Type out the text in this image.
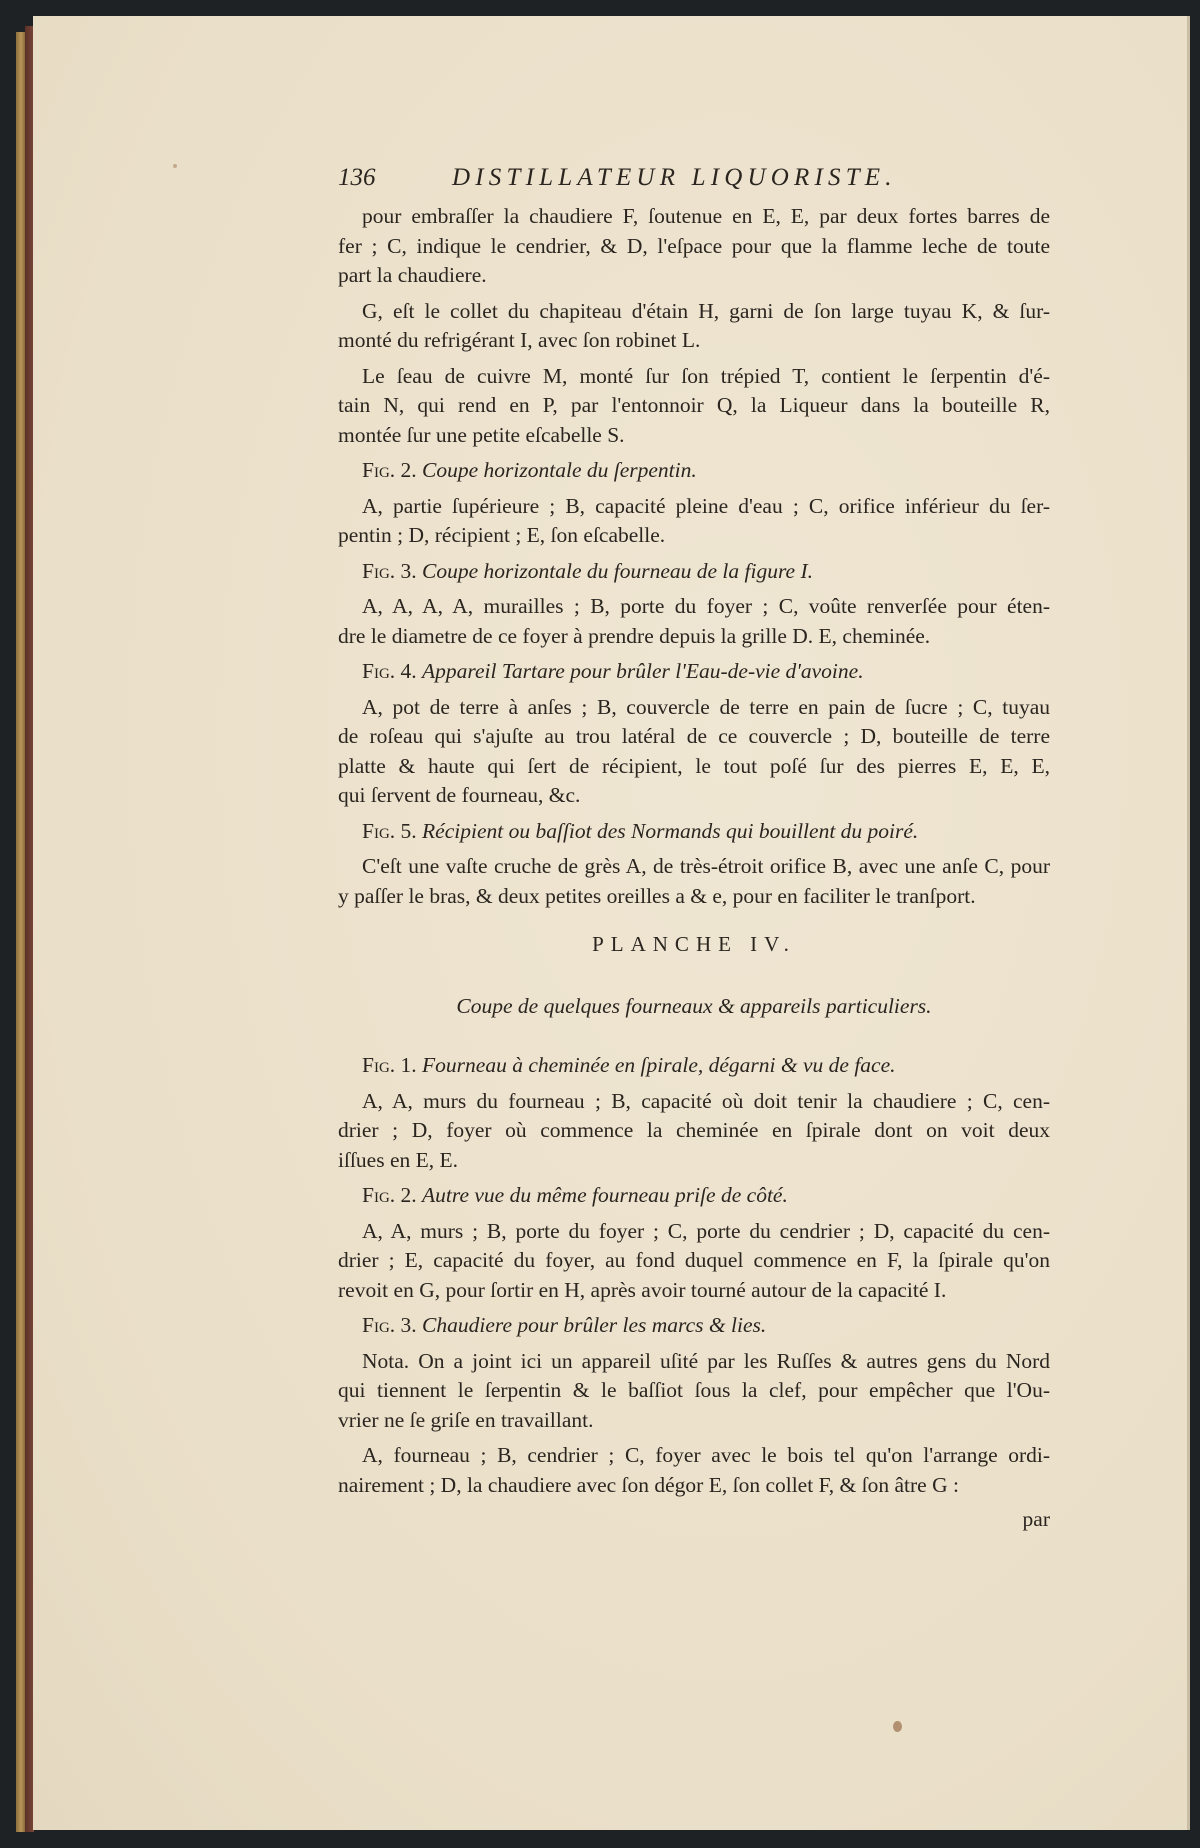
136	DISTILLATEUR LIQUORISTE.
pour embraſſer la chaudiere F, ſoutenue en E, E, par deux fortes barres de
fer ; C, indique le cendrier, & D, l'eſpace pour que la flamme leche de toute
part la chaudiere.
G, eſt le collet du chapiteau d'étain H, garni de ſon large tuyau K, & ſur-
monté du refrigérant I, avec ſon robinet L.
Le ſeau de cuivre M, monté ſur ſon trépied T, contient le ſerpentin d'é-
tain N, qui rend en P, par l'entonnoir Q, la Liqueur dans la bouteille R,
montée ſur une petite eſcabelle S.
Fig. 2. Coupe horizontale du ſerpentin.
A, partie ſupérieure ; B, capacité pleine d'eau ; C, orifice inférieur du ſer-
pentin ; D, récipient ; E, ſon eſcabelle.
Fig. 3. Coupe horizontale du fourneau de la figure I.
A, A, A, A, murailles ; B, porte du foyer ; C, voûte renverſée pour éten-
dre le diametre de ce foyer à prendre depuis la grille D. E, cheminée.
Fig. 4. Appareil Tartare pour brûler l'Eau-de-vie d'avoine.
A, pot de terre à anſes ; B, couvercle de terre en pain de ſucre ; C, tuyau
de roſeau qui s'ajuſte au trou latéral de ce couvercle ; D, bouteille de terre
platte & haute qui ſert de récipient, le tout poſé ſur des pierres E, E, E,
qui ſervent de fourneau, &c.
Fig. 5. Récipient ou baſſiot des Normands qui bouillent du poiré.
C'eſt une vaſte cruche de grès A, de très-étroit orifice B, avec une anſe C, pour
y paſſer le bras, & deux petites oreilles a & e, pour en faciliter le tranſport.
PLANCHE IV.
Coupe de quelques fourneaux & appareils particuliers.
Fig. 1. Fourneau à cheminée en ſpirale, dégarni & vu de face.
A, A, murs du fourneau ; B, capacité où doit tenir la chaudiere ; C, cen-
drier ; D, foyer où commence la cheminée en ſpirale dont on voit deux
iſſues en E, E.
Fig. 2. Autre vue du même fourneau priſe de côté.
A, A, murs ; B, porte du foyer ; C, porte du cendrier ; D, capacité du cen-
drier ; E, capacité du foyer, au fond duquel commence en F, la ſpirale qu'on
revoit en G, pour ſortir en H, après avoir tourné autour de la capacité I.
Fig. 3. Chaudiere pour brûler les marcs & lies.
Nota. On a joint ici un appareil uſité par les Ruſſes & autres gens du Nord
qui tiennent le ſerpentin & le baſſiot ſous la clef, pour empêcher que l'Ou-
vrier ne ſe griſe en travaillant.
A, fourneau ; B, cendrier ; C, foyer avec le bois tel qu'on l'arrange ordi-
nairement ; D, la chaudiere avec ſon dégor E, ſon collet F, & ſon âtre G :
par
